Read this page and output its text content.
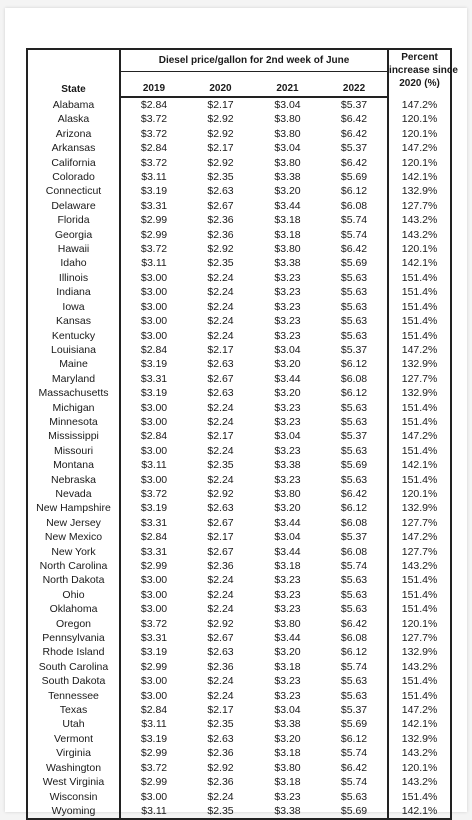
State	Diesel price/gallon for 2nd week of June				Percent
increase since
2020 (%)

	2019	2020	2021	2022	
Alabama	$2.84	$2.17	$3.04	$5.37	147.2%
Alaska	$3.72	$2.92	$3.80	$6.42	120.1%
Arizona	$3.72	$2.92	$3.80	$6.42	120.1%
Arkansas	$2.84	$2.17	$3.04	$5.37	147.2%
California	$3.72	$2.92	$3.80	$6.42	120.1%
Colorado	$3.11	$2.35	$3.38	$5.69	142.1%
Connecticut	$3.19	$2.63	$3.20	$6.12	132.9%
Delaware	$3.31	$2.67	$3.44	$6.08	127.7%
Florida	$2.99	$2.36	$3.18	$5.74	143.2%
Georgia	$2.99	$2.36	$3.18	$5.74	143.2%
Hawaii	$3.72	$2.92	$3.80	$6.42	120.1%
Idaho	$3.11	$2.35	$3.38	$5.69	142.1%
Illinois	$3.00	$2.24	$3.23	$5.63	151.4%
Indiana	$3.00	$2.24	$3.23	$5.63	151.4%
Iowa	$3.00	$2.24	$3.23	$5.63	151.4%
Kansas	$3.00	$2.24	$3.23	$5.63	151.4%
Kentucky	$3.00	$2.24	$3.23	$5.63	151.4%
Louisiana	$2.84	$2.17	$3.04	$5.37	147.2%
Maine	$3.19	$2.63	$3.20	$6.12	132.9%
Maryland	$3.31	$2.67	$3.44	$6.08	127.7%
Massachusetts	$3.19	$2.63	$3.20	$6.12	132.9%
Michigan	$3.00	$2.24	$3.23	$5.63	151.4%
Minnesota	$3.00	$2.24	$3.23	$5.63	151.4%
Mississippi	$2.84	$2.17	$3.04	$5.37	147.2%
Missouri	$3.00	$2.24	$3.23	$5.63	151.4%
Montana	$3.11	$2.35	$3.38	$5.69	142.1%
Nebraska	$3.00	$2.24	$3.23	$5.63	151.4%
Nevada	$3.72	$2.92	$3.80	$6.42	120.1%
New Hampshire	$3.19	$2.63	$3.20	$6.12	132.9%
New Jersey	$3.31	$2.67	$3.44	$6.08	127.7%
New Mexico	$2.84	$2.17	$3.04	$5.37	147.2%
New York	$3.31	$2.67	$3.44	$6.08	127.7%
North Carolina	$2.99	$2.36	$3.18	$5.74	143.2%
North Dakota	$3.00	$2.24	$3.23	$5.63	151.4%
Ohio	$3.00	$2.24	$3.23	$5.63	151.4%
Oklahoma	$3.00	$2.24	$3.23	$5.63	151.4%
Oregon	$3.72	$2.92	$3.80	$6.42	120.1%
Pennsylvania	$3.31	$2.67	$3.44	$6.08	127.7%
Rhode Island	$3.19	$2.63	$3.20	$6.12	132.9%
South Carolina	$2.99	$2.36	$3.18	$5.74	143.2%
South Dakota	$3.00	$2.24	$3.23	$5.63	151.4%
Tennessee	$3.00	$2.24	$3.23	$5.63	151.4%
Texas	$2.84	$2.17	$3.04	$5.37	147.2%
Utah	$3.11	$2.35	$3.38	$5.69	142.1%
Vermont	$3.19	$2.63	$3.20	$6.12	132.9%
Virginia	$2.99	$2.36	$3.18	$5.74	143.2%
Washington	$3.72	$2.92	$3.80	$6.42	120.1%
West Virginia	$2.99	$2.36	$3.18	$5.74	143.2%
Wisconsin	$3.00	$2.24	$3.23	$5.63	151.4%
Wyoming	$3.11	$2.35	$3.38	$5.69	142.1%
